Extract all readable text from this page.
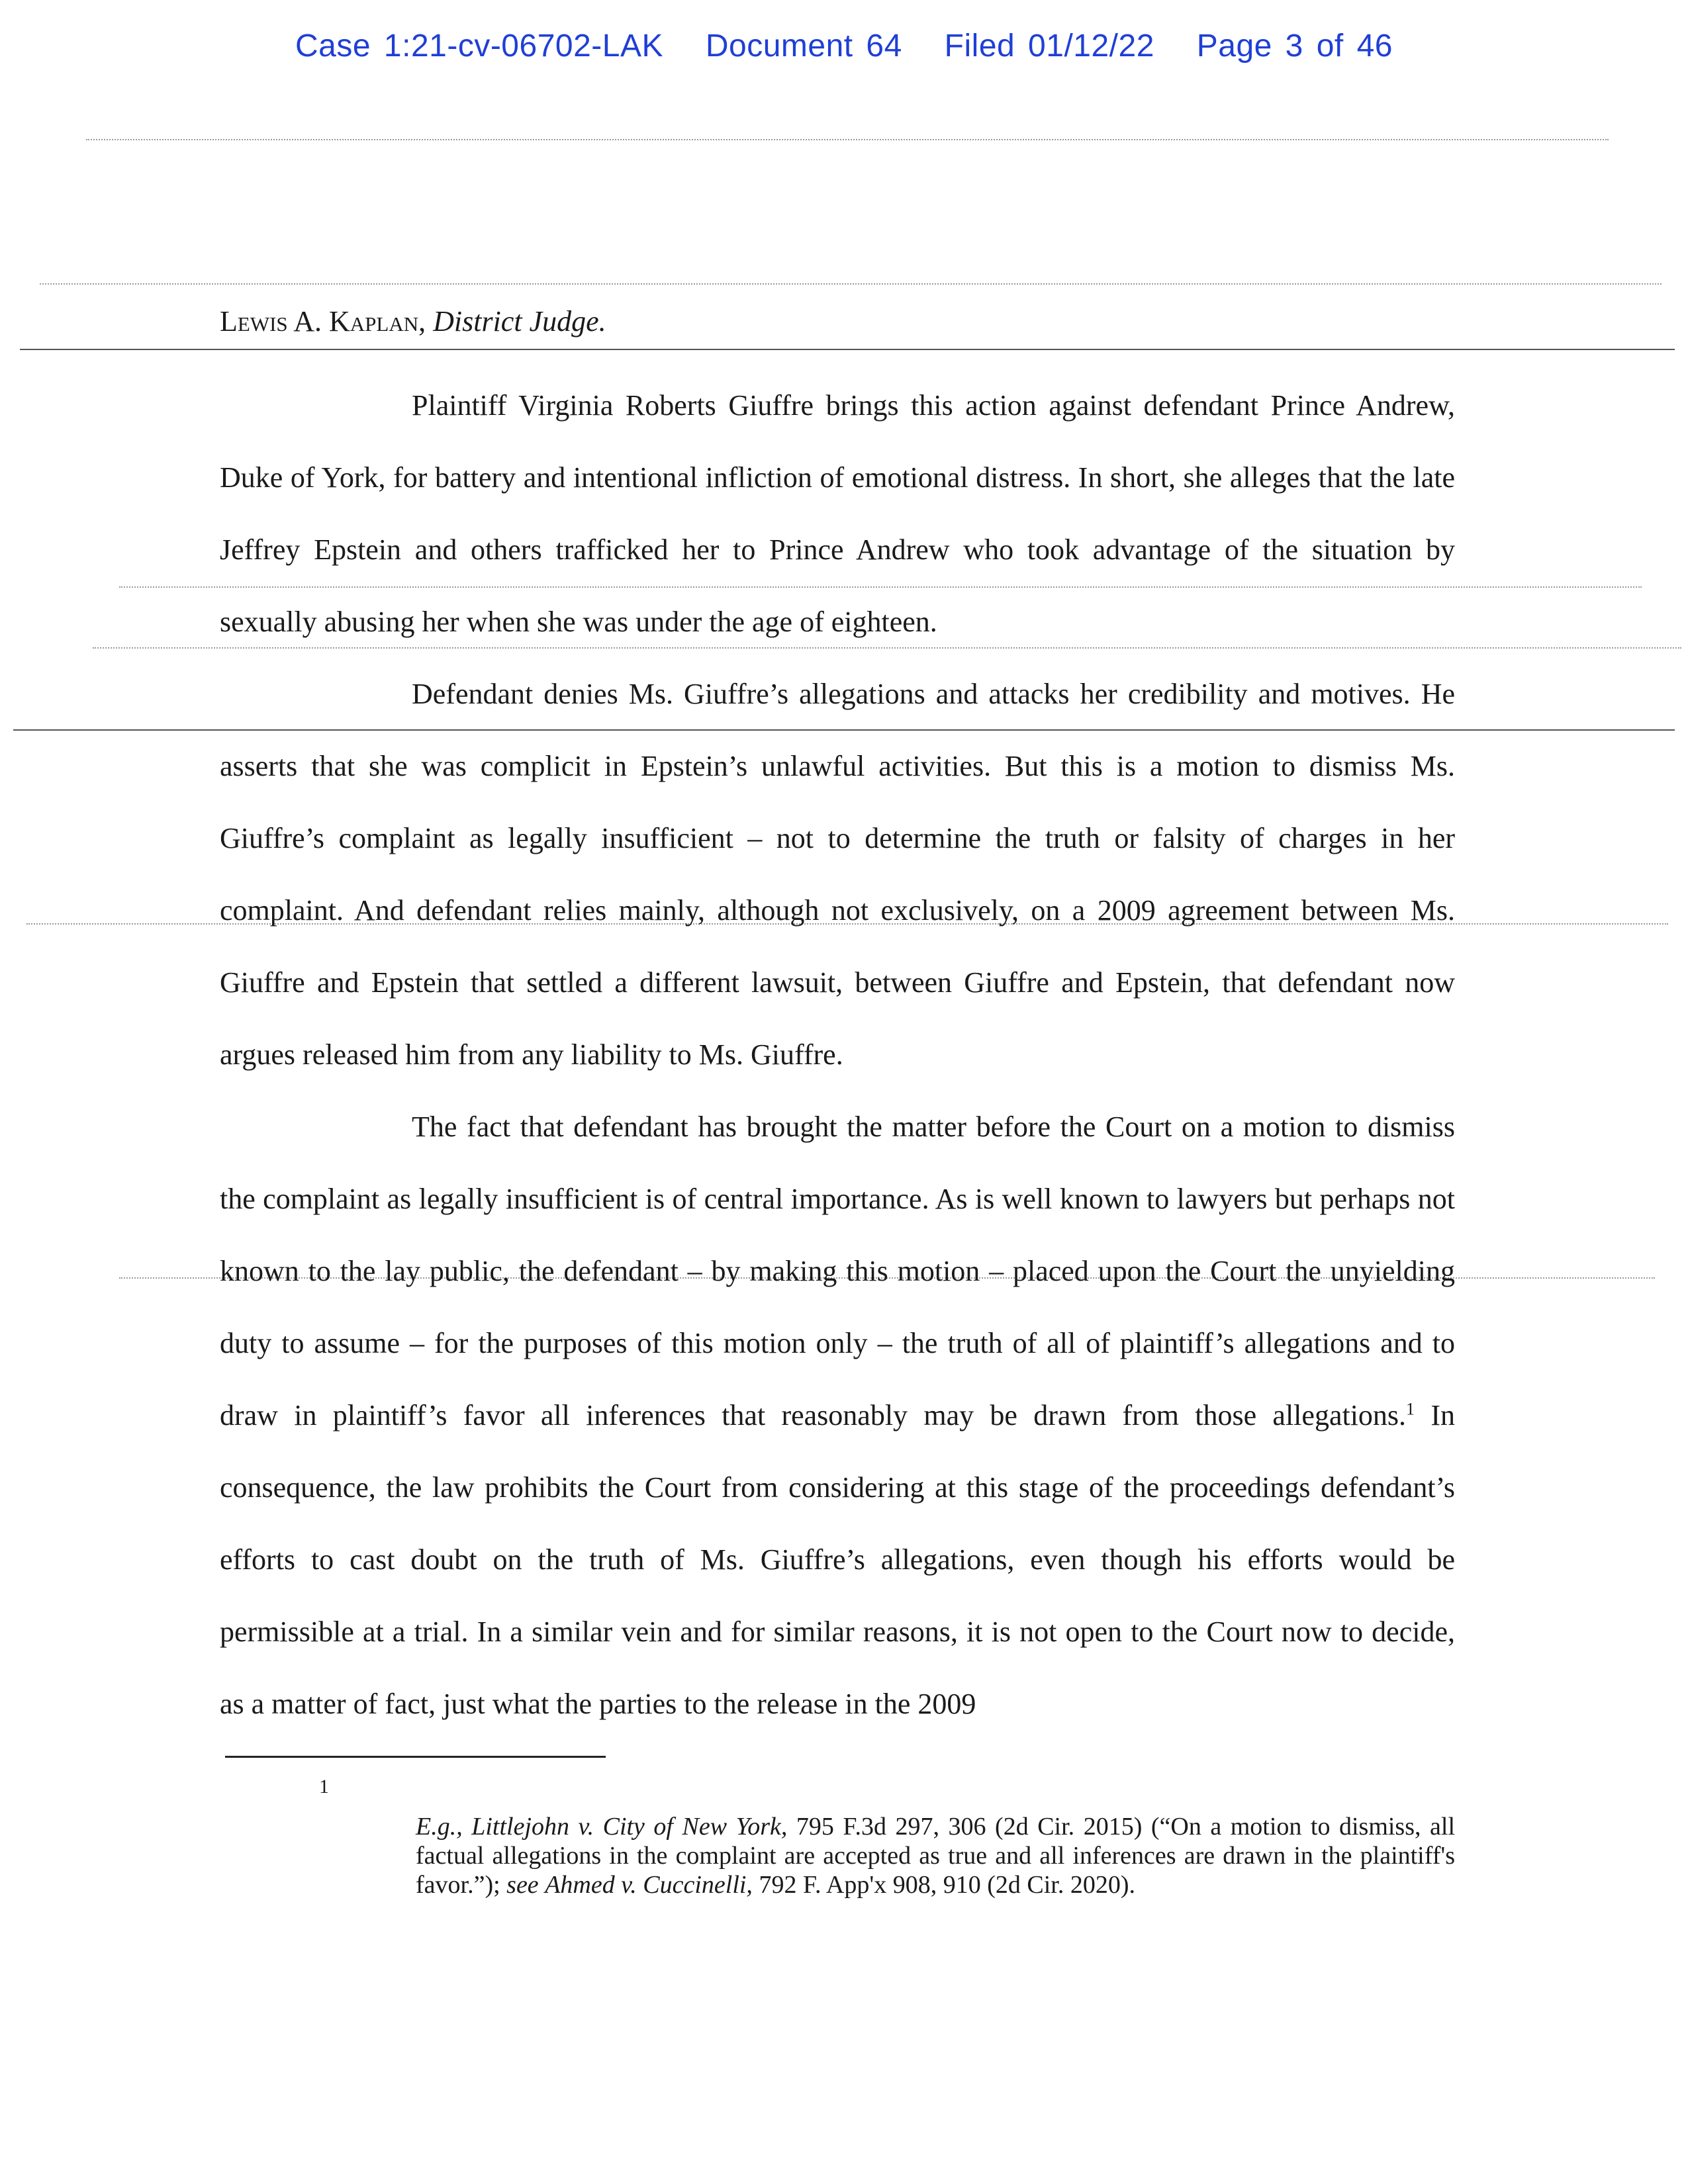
Case 1:21-cv-06702-LAK Document 64 Filed 01/12/22 Page 3 of 46
Lewis A. Kaplan, District Judge.

Plaintiff Virginia Roberts Giuffre brings this action against defendant Prince Andrew, Duke of York, for battery and intentional infliction of emotional distress. In short, she alleges that the late Jeffrey Epstein and others trafficked her to Prince Andrew who took advantage of the situation by sexually abusing her when she was under the age of eighteen.

Defendant denies Ms. Giuffre’s allegations and attacks her credibility and motives. He asserts that she was complicit in Epstein’s unlawful activities. But this is a motion to dismiss Ms. Giuffre’s complaint as legally insufficient – not to determine the truth or falsity of charges in her complaint. And defendant relies mainly, although not exclusively, on a 2009 agreement between Ms. Giuffre and Epstein that settled a different lawsuit, between Giuffre and Epstein, that defendant now argues released him from any liability to Ms. Giuffre.

The fact that defendant has brought the matter before the Court on a motion to dismiss the complaint as legally insufficient is of central importance. As is well known to lawyers but perhaps not known to the lay public, the defendant – by making this motion – placed upon the Court the unyielding duty to assume – for the purposes of this motion only – the truth of all of plaintiff’s allegations and to draw in plaintiff’s favor all inferences that reasonably may be drawn from those allegations.$^1$ In consequence, the law prohibits the Court from considering at this stage of the proceedings defendant’s efforts to cast doubt on the truth of Ms. Giuffre’s allegations, even though his efforts would be permissible at a trial. In a similar vein and for similar reasons, it is not open to the Court now to decide, as a matter of fact, just what the parties to the release in the 2009

1
E.g., Littlejohn v. City of New York, 795 F.3d 297, 306 (2d Cir. 2015) (“On a motion to dismiss, all factual allegations in the complaint are accepted as true and all inferences are drawn in the plaintiff's favor.”); see Ahmed v. Cuccinelli, 792 F. App'x 908, 910 (2d Cir. 2020).
